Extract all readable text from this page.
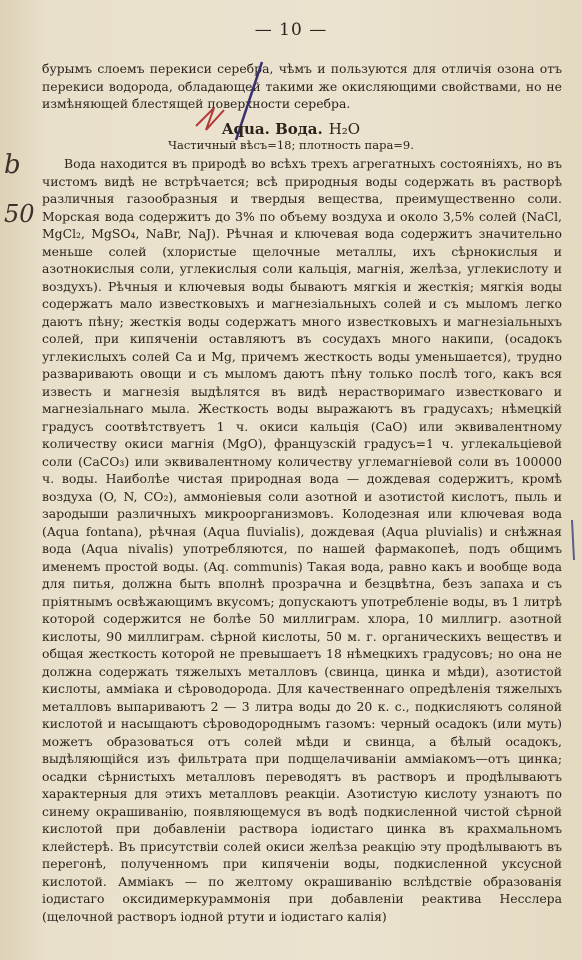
— 10 —
бурымъ слоемъ перекиси серебра, чѣмъ и пользуются для отличія озона отъ перекиси водорода, обладающей такими же окисляющими свойствами, но не измѣняющей блестящей поверхности серебра.
Aqua. Вода. H₂O
Частичный вѣсъ=18; плотность пара=9.
b
50
Вода находится въ природѣ во всѣхъ трехъ агрегатныхъ состояніяхъ, но въ чистомъ видѣ не встрѣчается; всѣ природныя воды содержать въ растворѣ различныя газообразныя и твердыя вещества, преимущественно соли. Морская вода содержитъ до 3% по объему воздуха и около 3,5% солей (NaCl, MgCl₂, MgSO₄, NaBr, NaJ). Рѣчная и ключевая вода содержитъ значительно меньше солей (хлористые щелочные металлы, ихъ сѣрнокислыя и азотнокислыя соли, углекислыя соли кальція, магнія, желѣза, углекислоту и воздухъ). Рѣчныя и ключевыя воды бываютъ мягкія и жесткія; мягкія воды содержатъ мало известковыхъ и магнезіальныхъ солей и съ мыломъ легко даютъ пѣну; жесткія воды содержатъ много известковыхъ и магнезіальныхъ солей, при кипяченіи оставляютъ въ сосудахъ много накипи, (осадокъ углекислыхъ солей Ca и Mg, причемъ жесткость воды уменьшается), трудно разваривають овощи и съ мыломъ даютъ пѣну только послѣ того, какъ вся известь и магнезія выдѣлятся въ видѣ нерастворимаго известковаго и магнезіальнаго мыла. Жесткость воды выражаютъ въ градусахъ; нѣмецкій градусъ соотвѣтствуетъ 1 ч. окиси кальція (CaO) или эквивалентному количеству окиси магнія (MgO), французскій градусъ=1 ч. углекальціевой соли (CaCO₃) или эквивалентному количеству углемагніевой соли въ 100000 ч. воды. Наиболѣе чистая природная вода — дождевая содержитъ, кромѣ воздуха (O, N, CO₂), аммоніевыя соли азотной и азотистой кислотъ, пыль и зародыши различныхъ микроорганизмовъ. Колодезная или ключевая вода (Aqua fontana), рѣчная (Aqua fluvialis), дождевая (Aqua pluvialis) и снѣжная вода (Aqua nivalis) употребляются, по нашей фармакопеѣ, подъ общимъ именемъ простой воды. (Aq. communis) Такая вода, равно какъ и вообще вода для питья, должна быть вполнѣ прозрачна и безцвѣтна, безъ запаха и съ пріятнымъ освѣжающимъ вкусомъ; допускаютъ употребленіе воды, въ 1 литрѣ которой содержится не болѣе 50 миллиграм. хлора, 10 миллигр. азотной кислоты, 90 миллиграм. сѣрной кислоты, 50 м. г. органическихъ веществъ и общая жесткость которой не превышаетъ 18 нѣмецкихъ градусовъ; но она не должна содержать тяжелыхъ металловъ (свинца, цинка и мѣди), азотистой кислоты, аммiака и сѣроводорода. Для качественнаго опредѣленія тяжелыхъ металловъ выпариваютъ 2 — 3 литра воды до 20 к. с., подкисляютъ соляной кислотой и насыщаютъ сѣроводороднымъ газомъ: черный осадокъ (или муть) можетъ образоваться отъ солей мѣди и свинца, а бѣлый осадокъ, выдѣляющійся изъ фильтрата при подщелачиваніи аммiакомъ—отъ цинка; осадки сѣрнистыхъ металловъ переводятъ въ растворъ и продѣлываютъ характерныя для этихъ металловъ реакціи. Азотистую кислоту узнаютъ по синему окрашиванію, появляющемуся въ водѣ подкисленной чистой сѣрной кислотой при добавленіи раствора іодистаго цинка въ крахмальномъ клейстерѣ. Въ присутствіи солей окиси желѣза реакцію эту продѣлываютъ въ перегонѣ, полученномъ при кипяченіи воды, подкисленной уксусной кислотой. Аммiакъ — по желтому окрашиванію вслѣдствіе образованія іодистаго оксидимеркураммонія при добавленіи реактива Несслера (щелочной растворъ іодной ртути и іодистаго калія)
